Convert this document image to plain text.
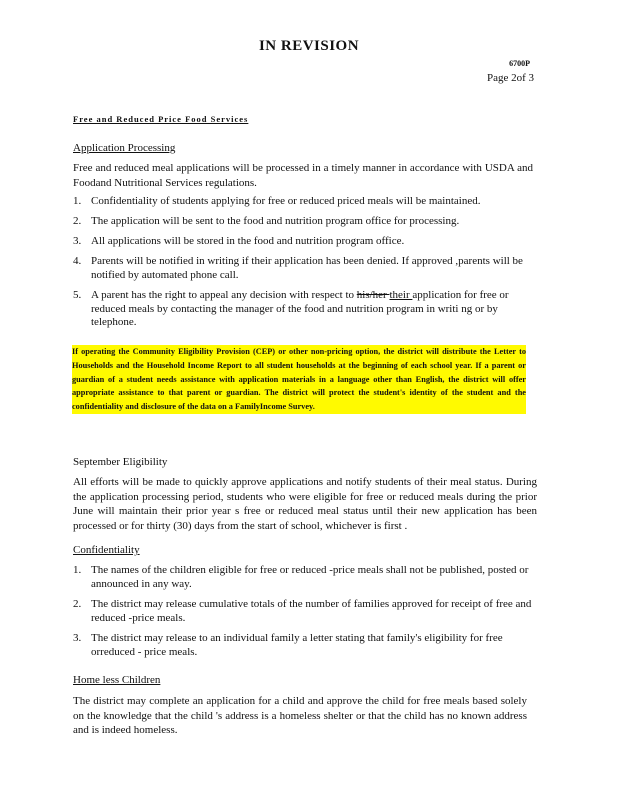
IN REVISION
6700P
Page 2of 3
Free and Reduced Price Food Services
Application Processing
Free and reduced meal applications will be processed in a timely manner in accordance with USDA and Foodand Nutritional Services regulations.
1. Confidentiality of students applying for free or reduced priced meals will be maintained.
2. The application will be sent to the food and nutrition program office for processing.
3. All applications will be stored in the food and nutrition program office.
4. Parents will be notified in writing if their application has been denied. If approved ,parents will be notified by automated phone call.
5. A parent has the right to appeal any decision with respect to his/her their application for free or reduced meals by contacting the manager of the food and nutrition program in writi ng or by telephone.
If operating the Community Eligibility Provision (CEP) or other non-pricing option, the district will distribute the Letter to Households and the Household Income Report to all student households at the beginning of each school year. If a parent or guardian of a student needs assistance with application materials in a language other than English, the district will offer appropriate assistance to that parent or guardian. The district will protect the student's identity of the student and the confidentiality and disclosure of the data on a FamilyIncome Survey.
September Eligibility
All efforts will be made to quickly approve applications and notify students of their meal status. During the application processing period, students who were eligible for free or reduced meals during the prior June will maintain their prior year s free or reduced meal status until their new application has been processed or for thirty (30) days from the start of school, whichever is first .
Confidentiality
1. The names of the children eligible for free or reduced -price meals shall not be published, posted or announced in any way.
2. The district may release cumulative totals of the number of families approved for receipt of free and reduced -price meals.
3. The district may release to an individual family a letter stating that family's eligibility for free orreduced - price meals.
Home less Children
The district may complete an application for a child and approve the child for free meals based solely on the knowledge that the child 's address is a homeless shelter or that the child has no known address and is indeed homeless.
